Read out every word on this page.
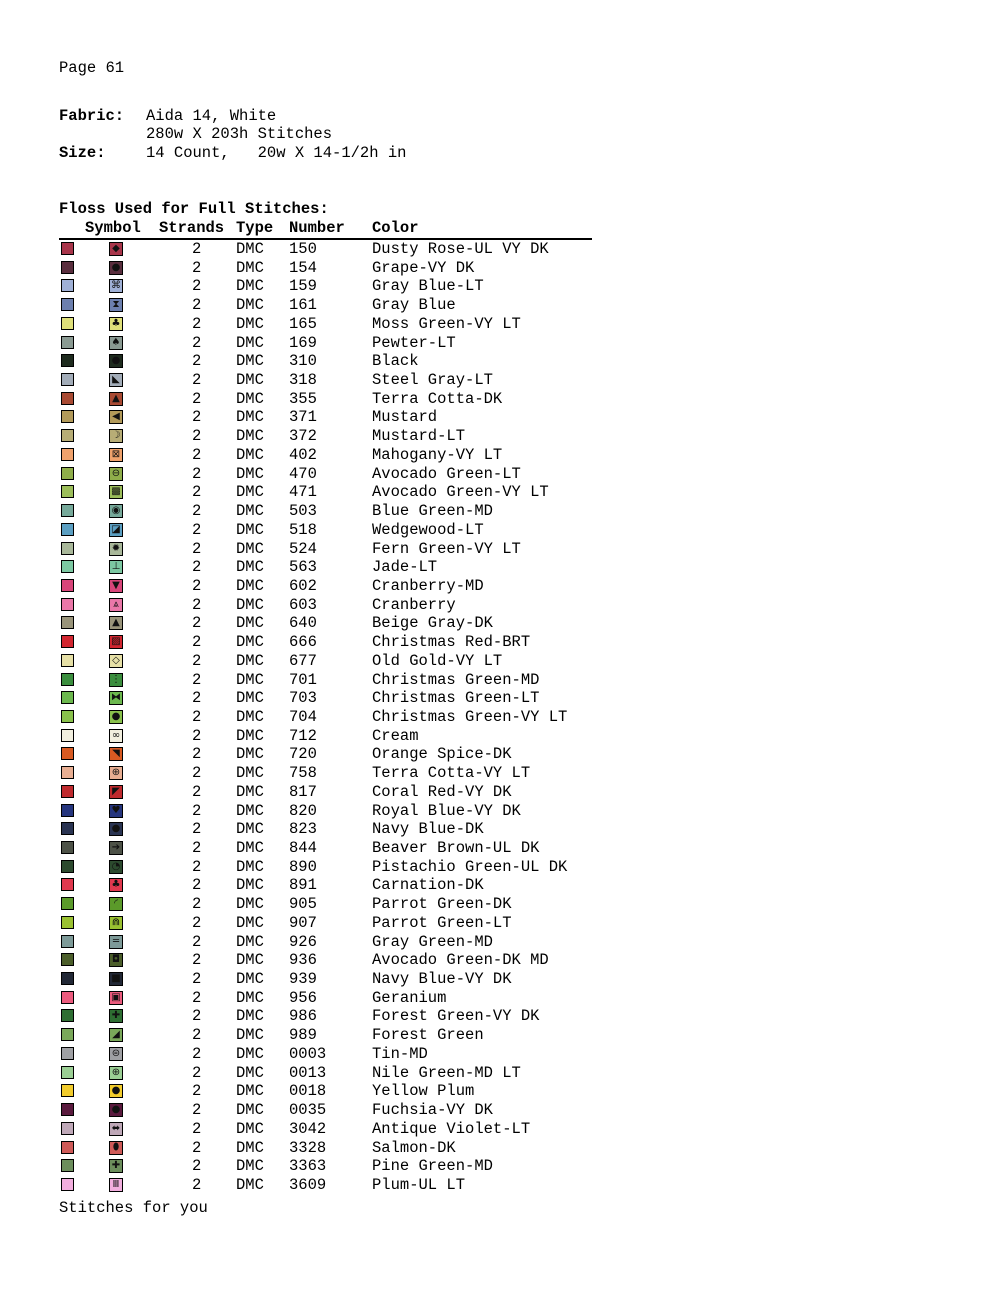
Page 61
Fabric: Aida 14, White
280w X 203h Stitches
Size:	14 Count,   20w X 14-1/2h in
Floss Used for Full Stitches:
Symbol Strands Type Number Color
◆	2 DMC 150	Dusty Rose-UL VY DK
●	2 DMC 154	Grape-VY DK
⌘	2 DMC 159	Gray Blue-LT
⧗	2 DMC 161	Gray Blue
♣	2 DMC 165	Moss Green-VY LT
♠	2 DMC 169	Pewter-LT
●	2 DMC 310	Black
◣	2 DMC 318	Steel Gray-LT
▲	2 DMC 355	Terra Cotta-DK
◀	2 DMC 371	Mustard
☽	2 DMC 372	Mustard-LT
⊠	2 DMC 402	Mahogany-VY LT
⊖	2 DMC 470	Avocado Green-LT
▩	2 DMC 471	Avocado Green-VY LT
◉	2 DMC 503	Blue Green-MD
◪	2 DMC 518	Wedgewood-LT
✹	2 DMC 524	Fern Green-VY LT
⊥	2 DMC 563	Jade-LT
▼	2 DMC 602	Cranberry-MD
⩓	2 DMC 603	Cranberry
▲	2 DMC 640	Beige Gray-DK
▨	2 DMC 666	Christmas Red-BRT
◇	2 DMC 677	Old Gold-VY LT
⋮	2 DMC 701	Christmas Green-MD
⧓	2 DMC 703	Christmas Green-LT
●	2 DMC 704	Christmas Green-VY LT
∞	2 DMC 712	Cream
◥	2 DMC 720	Orange Spice-DK
⊕	2 DMC 758	Terra Cotta-VY LT
◤	2 DMC 817	Coral Red-VY DK
♥	2 DMC 820	Royal Blue-VY DK
●	2 DMC 823	Navy Blue-DK
➔	2 DMC 844	Beaver Brown-UL DK
◔	2 DMC 890	Pistachio Green-UL DK
♣	2 DMC 891	Carnation-DK
◜	2 DMC 905	Parrot Green-DK
⋒	2 DMC 907	Parrot Green-LT
═	2 DMC 926	Gray Green-MD
◘	2 DMC 936	Avocado Green-DK MD
■	2 DMC 939	Navy Blue-VY DK
▣	2 DMC 956	Geranium
✚	2 DMC 986	Forest Green-VY DK
◢	2 DMC 989	Forest Green
⊜	2 DMC 0003	Tin-MD
⊕	2 DMC 0013	Nile Green-MD LT
●	2 DMC 0018	Yellow Plum
●	2 DMC 0035	Fuchsia-VY DK
⬌	2 DMC 3042	Antique Violet-LT
⬮	2 DMC 3328	Salmon-DK
✚	2 DMC 3363	Pine Green-MD
Ⅲ	2 DMC 3609	Plum-UL LT
Stitches for you
